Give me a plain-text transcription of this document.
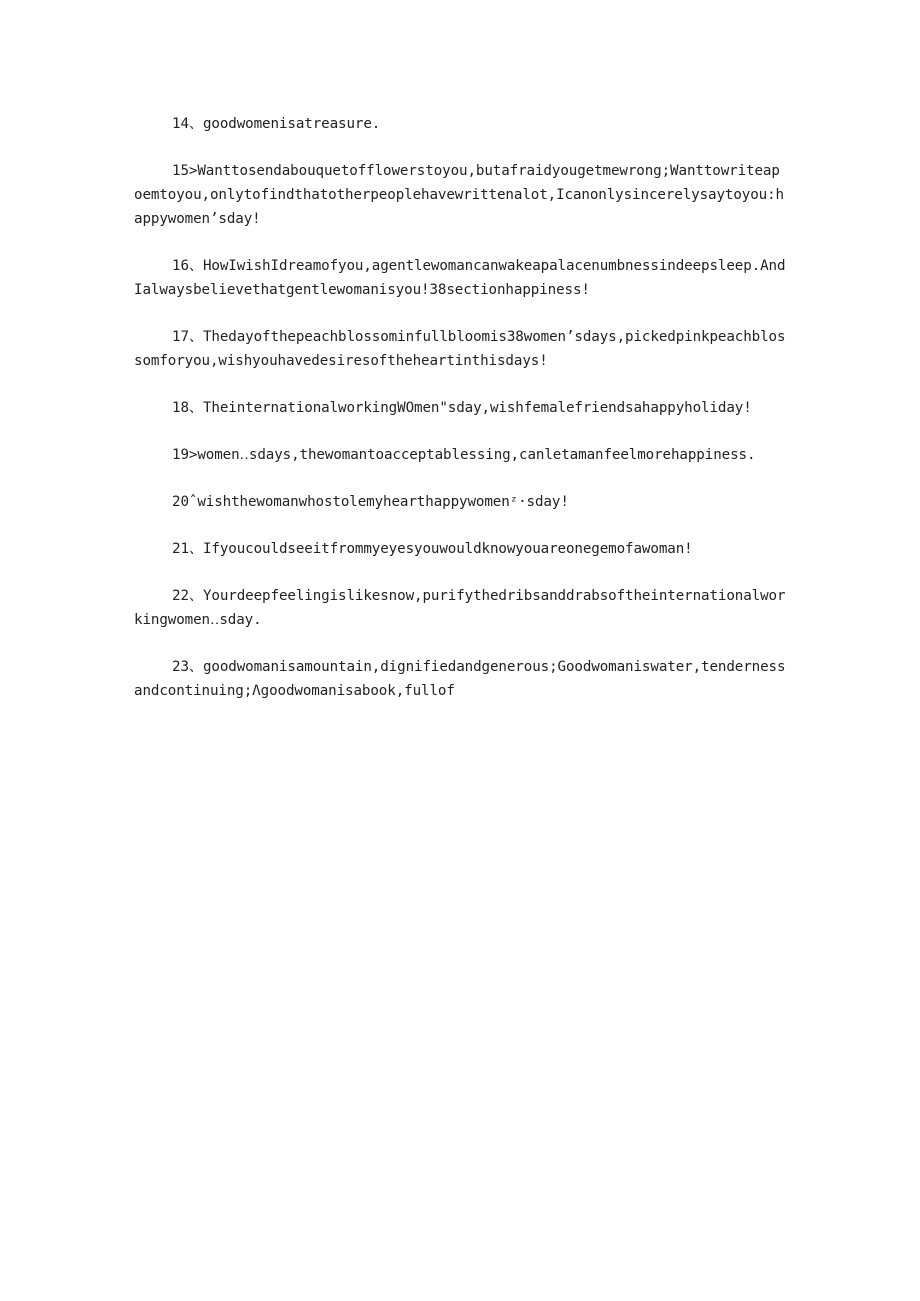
14、goodwomenisatreasure.

15>Wanttosendabouquetofflowerstoyou,butafraidyougetmewrong;Wanttowriteapoemtoyou,onlytofindthatotherpeoplehavewrittenalot,Icanonlysincerelysaytoyou:happywomen’sday!

16、HowIwishIdreamofyou,agentlewomancanwakeapalacenumbnessindeepsleep.AndIalwaysbelievethatgentlewomanisyou!38sectionhappiness!

17、Thedayofthepeachblossominfullbloomis38women’sdays,pickedpinkpeachblossomforyou,wishyouhavedesiresoftheheartinthisdays!

18、TheinternationalworkingWOmen"sday,wishfemalefriendsahappyholiday!

19>women‥sdays,thewomantoacceptablessing,canletamanfeelmorehappiness.

20ˆwishthewomanwhostolemyhearthappywomenᶻ·sday!

21、Ifyoucouldseeitfrommyeyesyouwouldknowyouareonegemofawoman!

22、Yourdeepfeelingislikesnow,purifythedribsanddrabsoftheinternationalworkingwomen‥sday.

23、goodwomanisamountain,dignifiedandgenerous;Goodwomaniswater,tendernessandcontinuing;Λgoodwomanisabook,fullof
